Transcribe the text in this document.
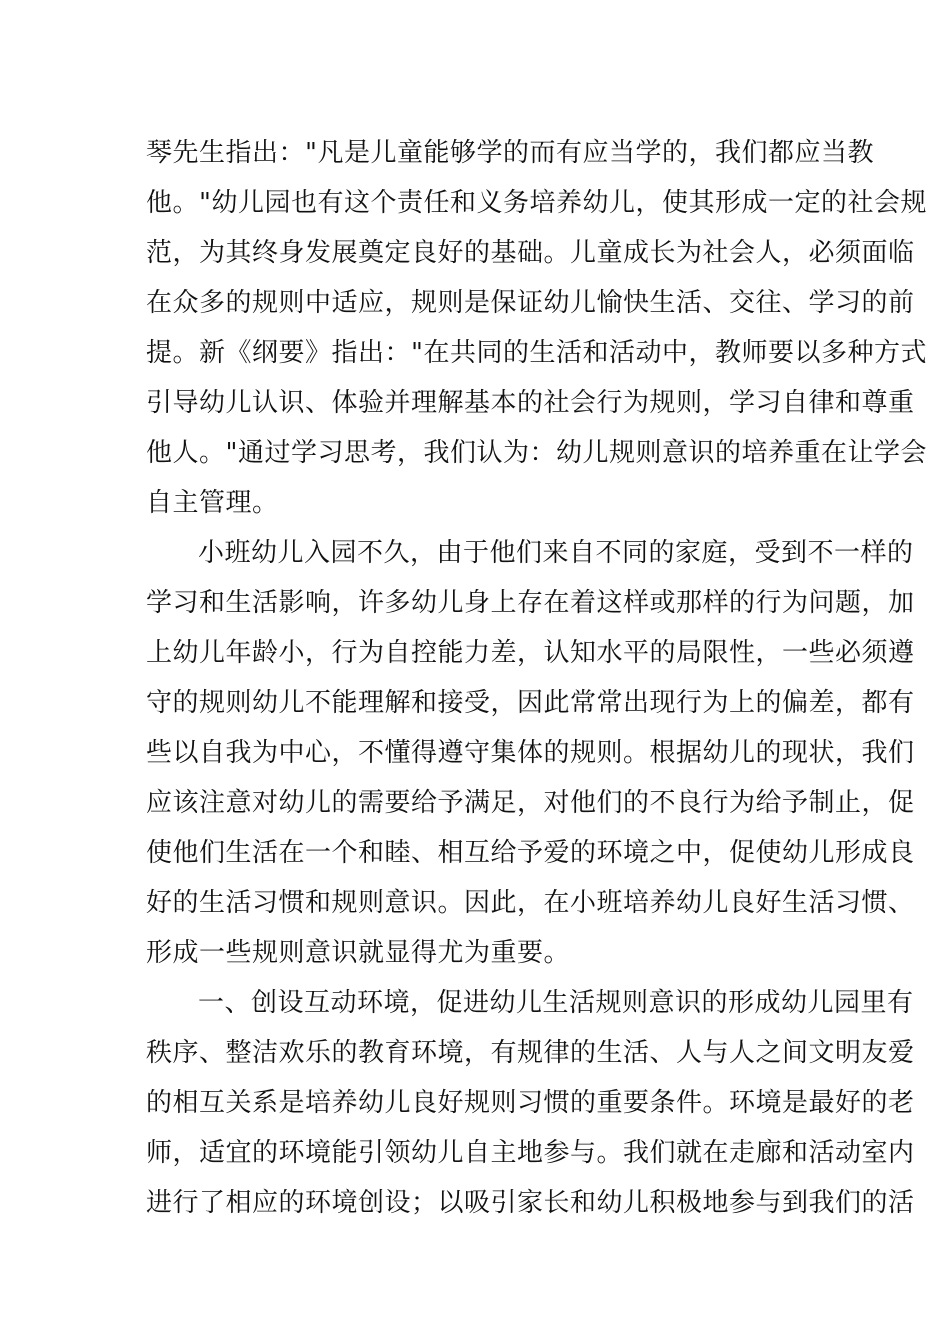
琴先生指出："凡是儿童能够学的而有应当学的，我们都应当教
他。"幼儿园也有这个责任和义务培养幼儿，使其形成一定的社会规
范，为其终身发展奠定良好的基础。儿童成长为社会人，必须面临
在众多的规则中适应，规则是保证幼儿愉快生活、交往、学习的前
提。新《纲要》指出："在共同的生活和活动中，教师要以多种方式
引导幼儿认识、体验并理解基本的社会行为规则，学习自律和尊重
他人。"通过学习思考，我们认为：幼儿规则意识的培养重在让学会
自主管理。
小班幼儿入园不久，由于他们来自不同的家庭，受到不一样的
学习和生活影响，许多幼儿身上存在着这样或那样的行为问题，加
上幼儿年龄小，行为自控能力差，认知水平的局限性，一些必须遵
守的规则幼儿不能理解和接受，因此常常出现行为上的偏差，都有
些以自我为中心，不懂得遵守集体的规则。根据幼儿的现状，我们
应该注意对幼儿的需要给予满足，对他们的不良行为给予制止，促
使他们生活在一个和睦、相互给予爱的环境之中，促使幼儿形成良
好的生活习惯和规则意识。因此，在小班培养幼儿良好生活习惯、
形成一些规则意识就显得尤为重要。
一、创设互动环境，促进幼儿生活规则意识的形成幼儿园里有
秩序、整洁欢乐的教育环境，有规律的生活、人与人之间文明友爱
的相互关系是培养幼儿良好规则习惯的重要条件。环境是最好的老
师，适宜的环境能引领幼儿自主地参与。我们就在走廊和活动室内
进行了相应的环境创设；以吸引家长和幼儿积极地参与到我们的活
